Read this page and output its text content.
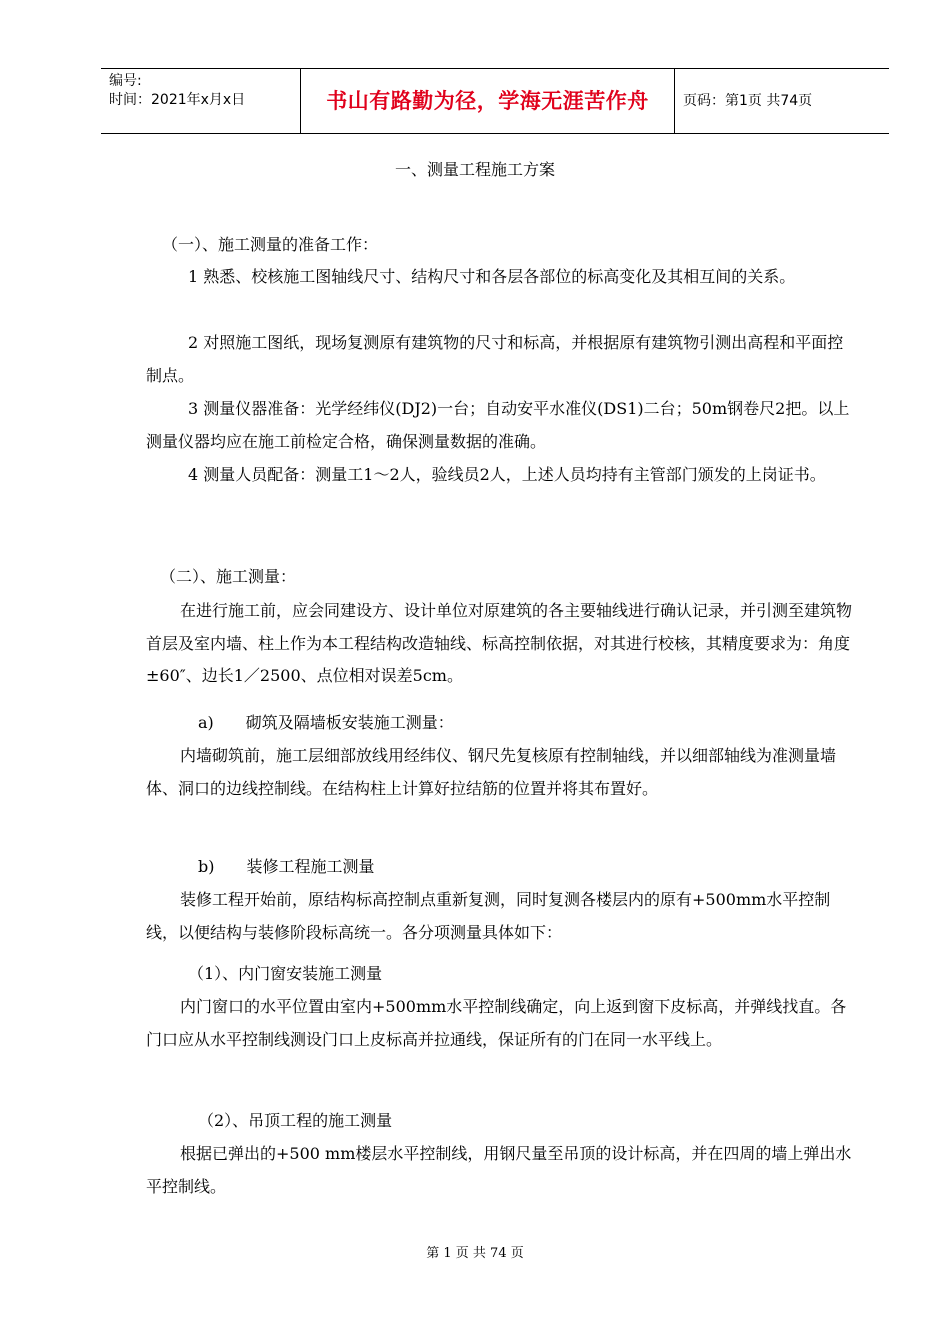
编号:
时间：2021年x月x日	书山有路勤为径，学海无涯苦作舟	页码：第1页 共74页
一、测量工程施工方案

（一）、施工测量的准备工作：

1 熟悉、校核施工图轴线尺寸、结构尺寸和各层各部位的标高变化及其相互间的关系。

2 对照施工图纸，现场复测原有建筑物的尺寸和标高，并根据原有建筑物引测出高程和平面控制点。

3 测量仪器准备：光学经纬仪(DJ2)一台；自动安平水准仪(DS1)二台；50m钢卷尺2把。以上测量仪器均应在施工前检定合格，确保测量数据的准确。

4 测量人员配备：测量工1～2人，验线员2人，上述人员均持有主管部门颁发的上岗证书。

（二）、施工测量：

在进行施工前，应会同建设方、设计单位对原建筑的各主要轴线进行确认记录，并引测至建筑物首层及室内墙、柱上作为本工程结构改造轴线、标高控制依据，对其进行校核，其精度要求为：角度±60″、边长1／2500、点位相对误差5cm。

a)　　砌筑及隔墙板安装施工测量：

内墙砌筑前，施工层细部放线用经纬仪、钢尺先复核原有控制轴线，并以细部轴线为准测量墙体、洞口的边线控制线。在结构柱上计算好拉结筋的位置并将其布置好。

b)　　装修工程施工测量

装修工程开始前，原结构标高控制点重新复测，同时复测各楼层内的原有+500mm水平控制线，以便结构与装修阶段标高统一。各分项测量具体如下：

（1）、内门窗安装施工测量

内门窗口的水平位置由室内+500mm水平控制线确定，向上返到窗下皮标高，并弹线找直。各门口应从水平控制线测设门口上皮标高并拉通线，保证所有的门在同一水平线上。

（2）、吊顶工程的施工测量

根据已弹出的+500 mm楼层水平控制线，用钢尺量至吊顶的设计标高，并在四周的墙上弹出水平控制线。

第 1 页 共 74 页
